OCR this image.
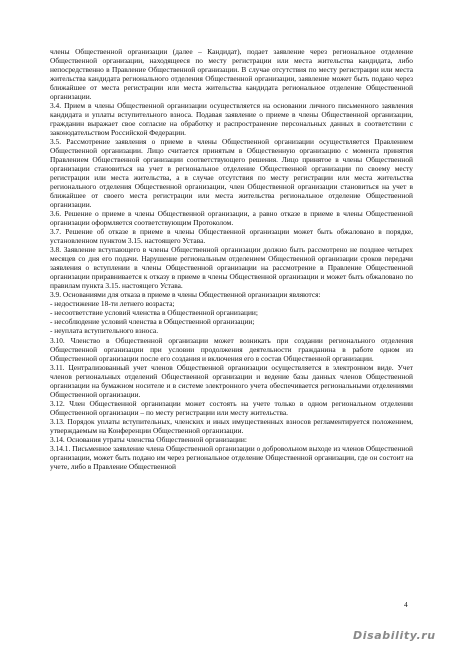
члены Общественной организации (далее – Кандидат), подает заявление через региональное отделение Общественной организации, находящееся по месту регистрации или места жительства кандидата, либо непосредственно в Правление Общественной организации. В случае отсутствия по месту регистрации или места жительства кандидата регионального отделения Общественной организации, заявление может быть подано через ближайшее от места регистрации или места жительства кандидата региональное отделение Общественной организации.

3.4. Прием в члены Общественной организации осуществляется на основании личного письменного заявления кандидата и уплаты вступительного взноса. Подавая заявление о приеме в члены Общественной организации, гражданин выражает свое согласие на обработку и распространение персональных данных в соответствии с законодательством Российской Федерации.

3.5. Рассмотрение заявления о приеме в члены Общественной организации осуществляется Правлением Общественной организации. Лицо считается принятым в Общественную организацию с момента принятия Правлением Общественной организации соответствующего решения. Лицо принятое в члены Общественной организации становиться на учет в региональное отделение Общественной организации по своему месту регистрации или места жительства, а в случае отсутствия по месту регистрации или места жительства регионального отделения Общественной организации, член Общественной организации становиться на учет в ближайшее от своего места регистрации или места жительства региональное отделение Общественной организации.

3.6. Решение о приеме в члены Общественной организации, а равно отказе в приеме в члены Общественной организации оформляется соответствующим Протоколом.

3.7. Решение об отказе в приеме в члены Общественной организации может быть обжаловано в порядке, установленном пунктом 3.15. настоящего Устава.

3.8. Заявление вступающего в члены Общественной организации должно быть рассмотрено не позднее четырех месяцев со дня его подачи. Нарушение региональным отделением Общественной организации сроков передачи заявления о вступлении в члены Общественной организации на рассмотрение в Правление Общественной организации приравнивается к отказу в приеме в члены Общественной организации и может быть обжаловано по правилам пункта 3.15. настоящего Устава.

3.9. Основаниями для отказа в приеме в члены Общественной организации являются:

- недостижение 18-ти летнего возраста;

- несоответствие условий членства в Общественной организации;

- несоблюдение условий членства в Общественной организации;

- неуплата вступительного взноса.

3.10. Членство в Общественной организации может возникать при создании регионального отделения Общественной организации при условии продолжения деятельности гражданина в работе одном из Общественной организации после его создания и включения его в состав Общественной организации.

3.11. Централизованный учет членов Общественной организации осуществляется в электронном виде. Учет членов региональных отделений Общественной организации и ведение базы данных членов Общественной организации на бумажном носителе и в системе электронного учета обеспечивается региональными отделениями Общественной организации.

3.12. Член Общественной организации может состоять на учете только в одном региональном отделении Общественной организации – по месту регистрации или месту жительства.

3.13. Порядок уплаты вступительных, членских и иных имущественных взносов регламентируется положением, утверждаемым на Конференции Общественной организации.

3.14. Основания утраты членства Общественной организации:

3.14.1. Письменное заявление члена Общественной организации о добровольном выходе из членов Общественной организации, может быть подано им через региональное отделение Общественной организации, где он состоит на учете, либо в Правление Общественной

4
Disability.ru
